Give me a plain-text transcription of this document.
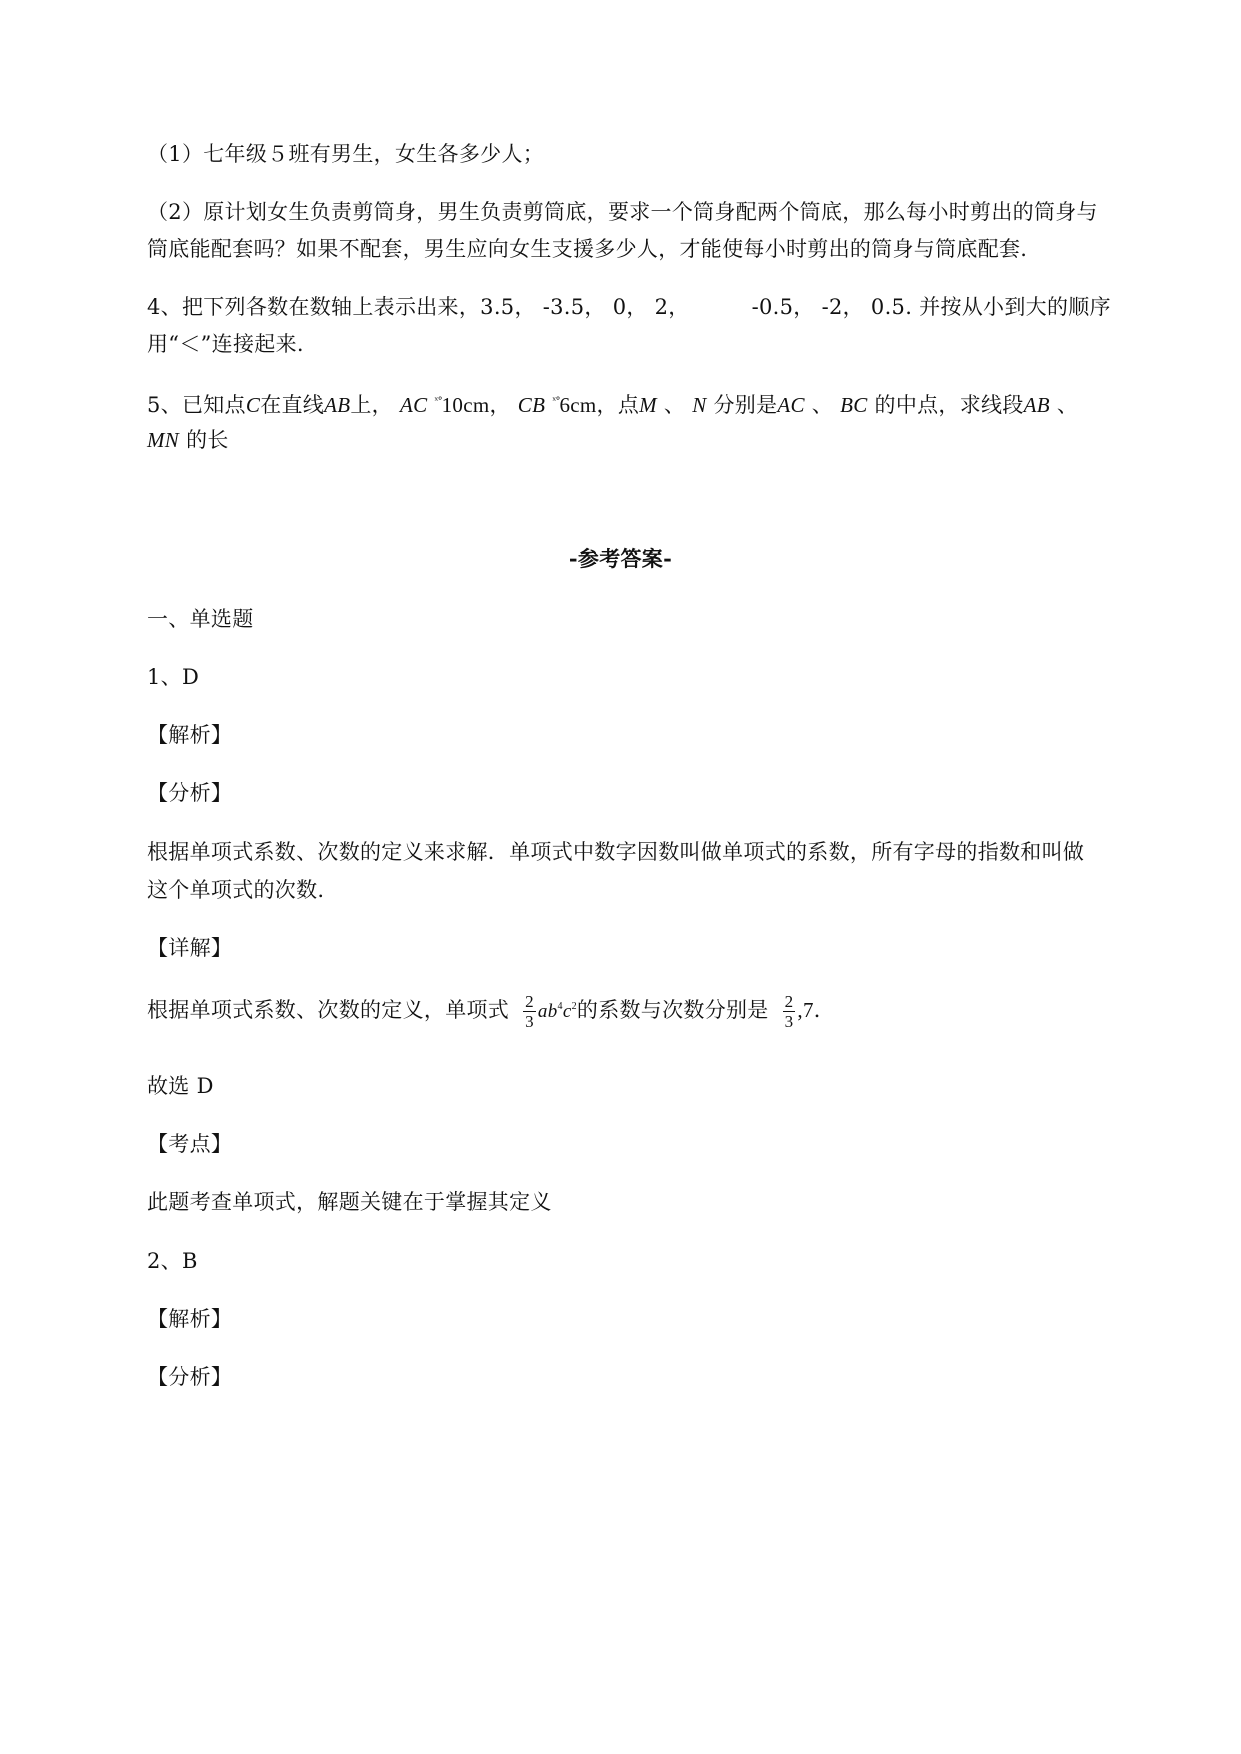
（1）七年级５班有男生，女生各多少人；
（2）原计划女生负责剪筒身，男生负责剪筒底，要求一个筒身配两个筒底，那么每小时剪出的筒身与
筒底能配套吗？如果不配套，男生应向女生支援多少人，才能使每小时剪出的筒身与筒底配套.
4、把下列各数在数轴上表示出来，3.5， -3.5， 0， 2，	-0.5， -2， 0.5. 并按从小到大的顺序
用“＜”连接起来.
5、已知点C在直线AB上， AC $^{ˣ^\circ}$10cm， CB $^{ˣ^\circ}$6cm，点M 、 N 分别是AC 、 BC 的中点，求线段AB 、
MN 的长
-参考答案-
一、单选题
1、D
【解析】
【分析】
根据单项式系数、次数的定义来求解．单项式中数字因数叫做单项式的系数，所有字母的指数和叫做
这个单项式的次数.
【详解】
根据单项式系数、次数的定义，单项式 $\frac{2}{3} ab^4c^2$的系数与次数分别是 $\frac{2}{3} ,7$．
故选 D
【考点】
此题考查单项式，解题关键在于掌握其定义
2、B
【解析】
【分析】
